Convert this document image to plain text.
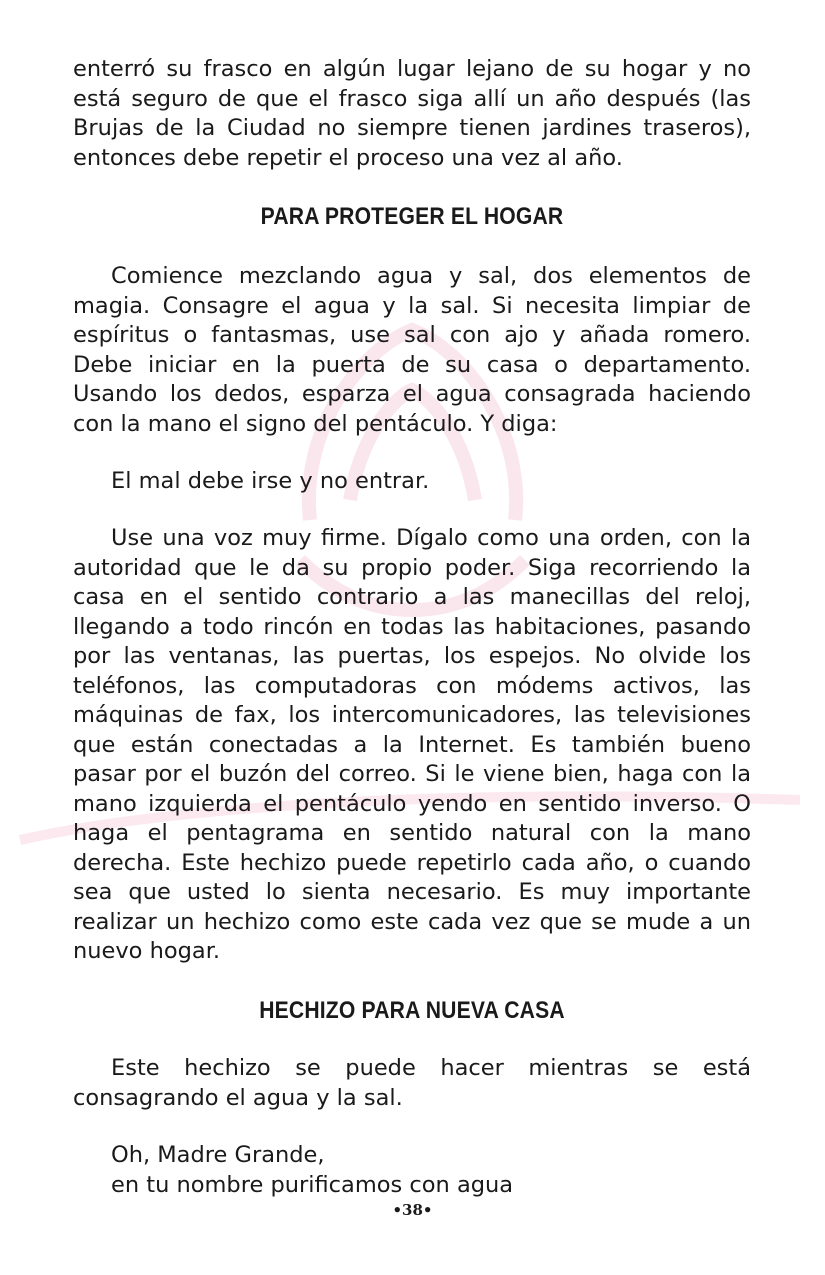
enterró su frasco en algún lugar lejano de su hogar y no está seguro de que el frasco siga allí un año después (las Brujas de la Ciudad no siempre tienen jardines traseros), entonces debe repetir el proceso una vez al año.

PARA PROTEGER EL HOGAR

Comience mezclando agua y sal, dos elementos de magia. Consagre el agua y la sal. Si necesita limpiar de espíritus o fantasmas, use sal con ajo y añada romero. Debe iniciar en la puerta de su casa o departamento. Usando los dedos, esparza el agua consagrada haciendo con la mano el signo del pentáculo. Y diga:

El mal debe irse y no entrar.

Use una voz muy firme. Dígalo como una orden, con la autoridad que le da su propio poder. Siga recorriendo la casa en el sentido contrario a las manecillas del reloj, llegando a todo rincón en todas las habitaciones, pasando por las ventanas, las puertas, los espejos. No olvide los teléfonos, las computadoras con módems activos, las máquinas de fax, los intercomunicadores, las televisiones que están conectadas a la Internet. Es también bueno pasar por el buzón del correo. Si le viene bien, haga con la mano izquierda el pentáculo yendo en sentido inverso. O haga el pentagrama en sentido natural con la mano derecha. Este hechizo puede repetirlo cada año, o cuando sea que usted lo sienta necesario. Es muy importante realizar un hechizo como este cada vez que se mude a un nuevo hogar.

HECHIZO PARA NUEVA CASA

Este hechizo se puede hacer mientras se está consagrando el agua y la sal.

Oh, Madre Grande,
en tu nombre purificamos con agua
•38•
